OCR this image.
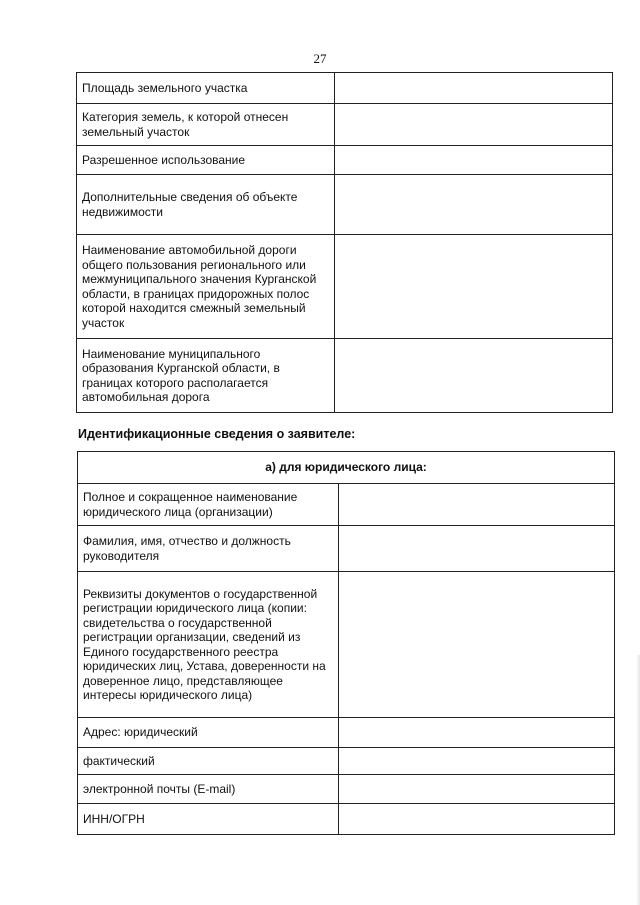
27
Площадь земельного участка	
Категория земель, к которой отнесен земельный участок	
Разрешенное использование	
Дополнительные сведения об объекте недвижимости	
Наименование автомобильной дороги общего пользования регионального или межмуниципального значения Курганской области, в границах придорожных полос которой находится смежный земельный участок	
Наименование муниципального образования Курганской области, в границах которого располагается автомобильная дорога	
Идентификационные сведения о заявителе:
а) для юридического лица:	
Полное и сокращенное наименование юридического лица (организации)	
Фамилия, имя, отчество и должность руководителя	
Реквизиты документов о государственной регистрации юридического лица (копии: свидетельства о государственной регистрации организации, сведений из Единого государственного реестра юридических лиц, Устава, доверенности на доверенное лицо, представляющее интересы юридического лица)	
Адрес: юридический	
фактический	
электронной почты (E-mail)	
ИНН/ОГРН	
